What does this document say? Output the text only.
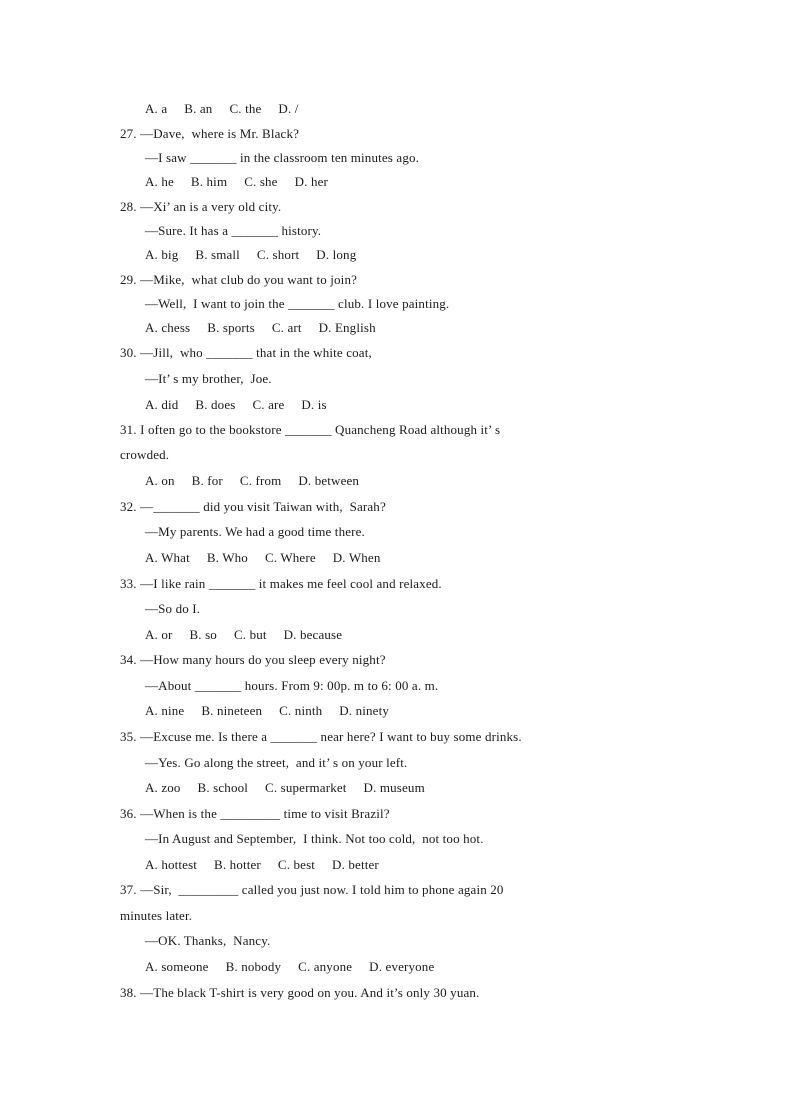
A. a     B. an     C. the     D. /
27. —Dave,  where is Mr. Black?
—I saw _______ in the classroom ten minutes ago.
A. he     B. him     C. she     D. her
28. —Xi’ an is a very old city.
—Sure. It has a _______ history.
A. big     B. small     C. short     D. long
29. —Mike,  what club do you want to join?
—Well,  I want to join the _______ club. I love painting.
A. chess     B. sports     C. art     D. English
30. —Jill,  who _______ that in the white coat,
—It’ s my brother,  Joe.
A. did     B. does     C. are     D. is
31. I often go to the bookstore _______ Quancheng Road although it’ s
crowded.
A. on     B. for     C. from     D. between
32. —_______ did you visit Taiwan with,  Sarah?
—My parents. We had a good time there.
A. What     B. Who     C. Where     D. When
33. —I like rain _______ it makes me feel cool and relaxed.
—So do I.
A. or     B. so     C. but     D. because
34. —How many hours do you sleep every night?
—About _______ hours. From 9: 00p. m to 6: 00 a. m.
A. nine     B. nineteen     C. ninth     D. ninety
35. —Excuse me. Is there a _______ near here? I want to buy some drinks.
—Yes. Go along the street,  and it’ s on your left.
A. zoo     B. school     C. supermarket     D. museum
36. —When is the _________ time to visit Brazil?
—In August and September,  I think. Not too cold,  not too hot.
A. hottest     B. hotter     C. best     D. better
37. —Sir,  _________ called you just now. I told him to phone again 20
minutes later.
—OK. Thanks,  Nancy.
A. someone     B. nobody     C. anyone     D. everyone
38. —The black T-shirt is very good on you. And it’s only 30 yuan.
